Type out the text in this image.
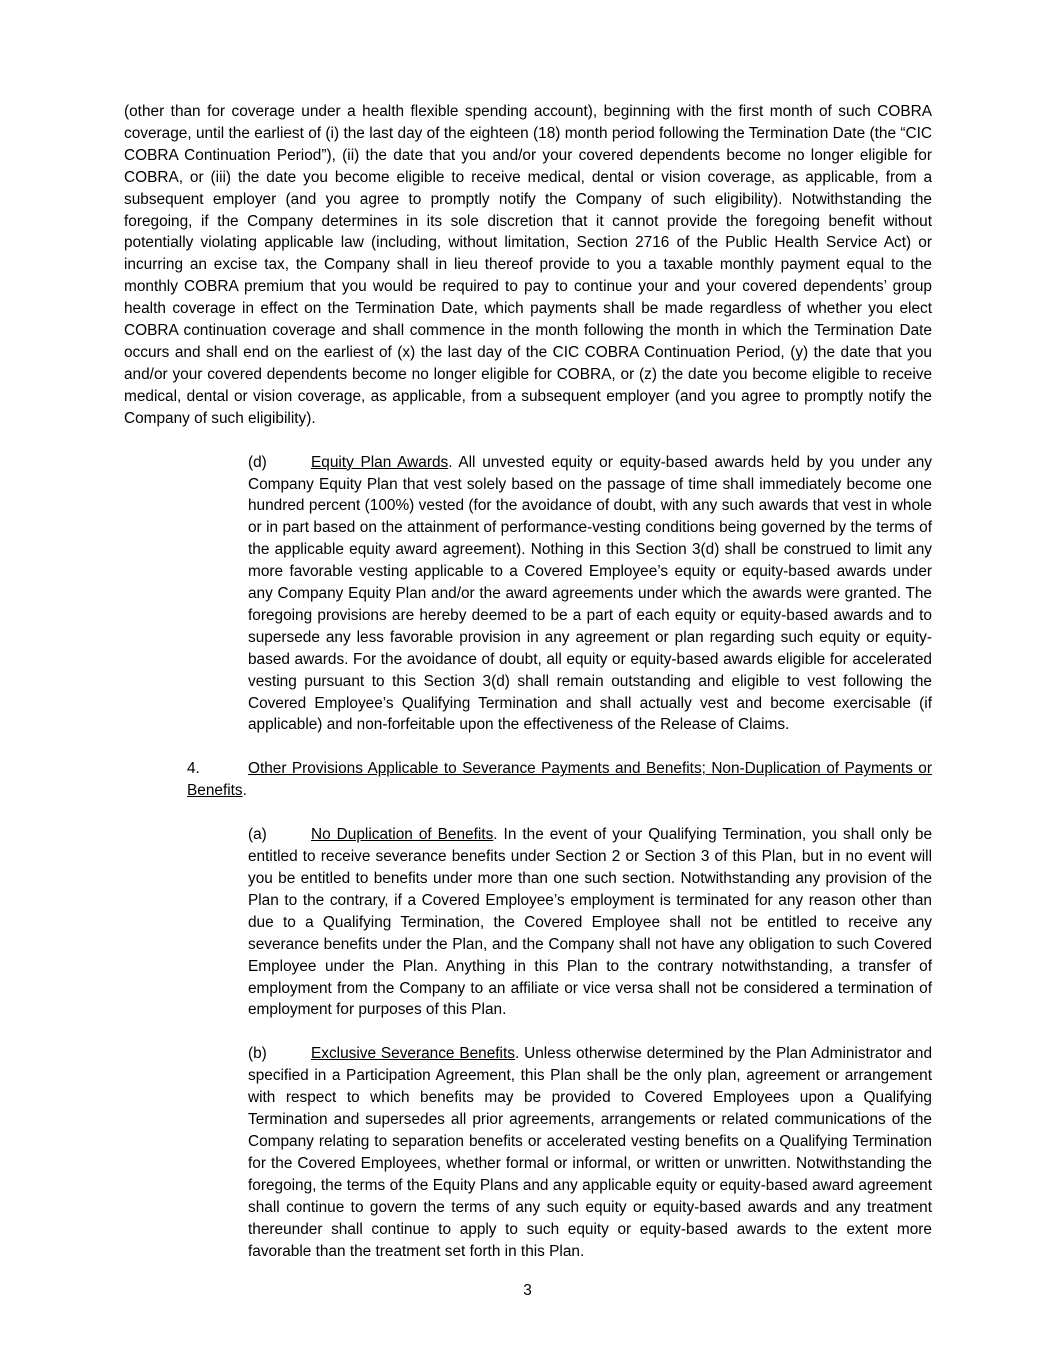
(other than for coverage under a health flexible spending account), beginning with the first month of such COBRA coverage, until the earliest of (i) the last day of the eighteen (18) month period following the Termination Date (the “CIC COBRA Continuation Period”), (ii) the date that you and/or your covered dependents become no longer eligible for COBRA, or (iii) the date you become eligible to receive medical, dental or vision coverage, as applicable, from a subsequent employer (and you agree to promptly notify the Company of such eligibility). Notwithstanding the foregoing, if the Company determines in its sole discretion that it cannot provide the foregoing benefit without potentially violating applicable law (including, without limitation, Section 2716 of the Public Health Service Act) or incurring an excise tax, the Company shall in lieu thereof provide to you a taxable monthly payment equal to the monthly COBRA premium that you would be required to pay to continue your and your covered dependents’ group health coverage in effect on the Termination Date, which payments shall be made regardless of whether you elect COBRA continuation coverage and shall commence in the month following the month in which the Termination Date occurs and shall end on the earliest of (x) the last day of the CIC COBRA Continuation Period, (y) the date that you and/or your covered dependents become no longer eligible for COBRA, or (z) the date you become eligible to receive medical, dental or vision coverage, as applicable, from a subsequent employer (and you agree to promptly notify the Company of such eligibility).

(d)	Equity Plan Awards. All unvested equity or equity-based awards held by you under any Company Equity Plan that vest solely based on the passage of time shall immediately become one hundred percent (100%) vested (for the avoidance of doubt, with any such awards that vest in whole or in part based on the attainment of performance-vesting conditions being governed by the terms of the applicable equity award agreement). Nothing in this Section 3(d) shall be construed to limit any more favorable vesting applicable to a Covered Employee’s equity or equity-based awards under any Company Equity Plan and/or the award agreements under which the awards were granted. The foregoing provisions are hereby deemed to be a part of each equity or equity-based awards and to supersede any less favorable provision in any agreement or plan regarding such equity or equity-based awards. For the avoidance of doubt, all equity or equity-based awards eligible for accelerated vesting pursuant to this Section 3(d) shall remain outstanding and eligible to vest following the Covered Employee’s Qualifying Termination and shall actually vest and become exercisable (if applicable) and non-forfeitable upon the effectiveness of the Release of Claims.

4.	Other Provisions Applicable to Severance Payments and Benefits; Non-Duplication of Payments or Benefits.

(a)	No Duplication of Benefits. In the event of your Qualifying Termination, you shall only be entitled to receive severance benefits under Section 2 or Section 3 of this Plan, but in no event will you be entitled to benefits under more than one such section. Notwithstanding any provision of the Plan to the contrary, if a Covered Employee’s employment is terminated for any reason other than due to a Qualifying Termination, the Covered Employee shall not be entitled to receive any severance benefits under the Plan, and the Company shall not have any obligation to such Covered Employee under the Plan. Anything in this Plan to the contrary notwithstanding, a transfer of employment from the Company to an affiliate or vice versa shall not be considered a termination of employment for purposes of this Plan.

(b)	Exclusive Severance Benefits. Unless otherwise determined by the Plan Administrator and specified in a Participation Agreement, this Plan shall be the only plan, agreement or arrangement with respect to which benefits may be provided to Covered Employees upon a Qualifying Termination and supersedes all prior agreements, arrangements or related communications of the Company relating to separation benefits or accelerated vesting benefits on a Qualifying Termination for the Covered Employees, whether formal or informal, or written or unwritten. Notwithstanding the foregoing, the terms of the Equity Plans and any applicable equity or equity-based award agreement shall continue to govern the terms of any such equity or equity-based awards and any treatment thereunder shall continue to apply to such equity or equity-based awards to the extent more favorable than the treatment set forth in this Plan.

3
